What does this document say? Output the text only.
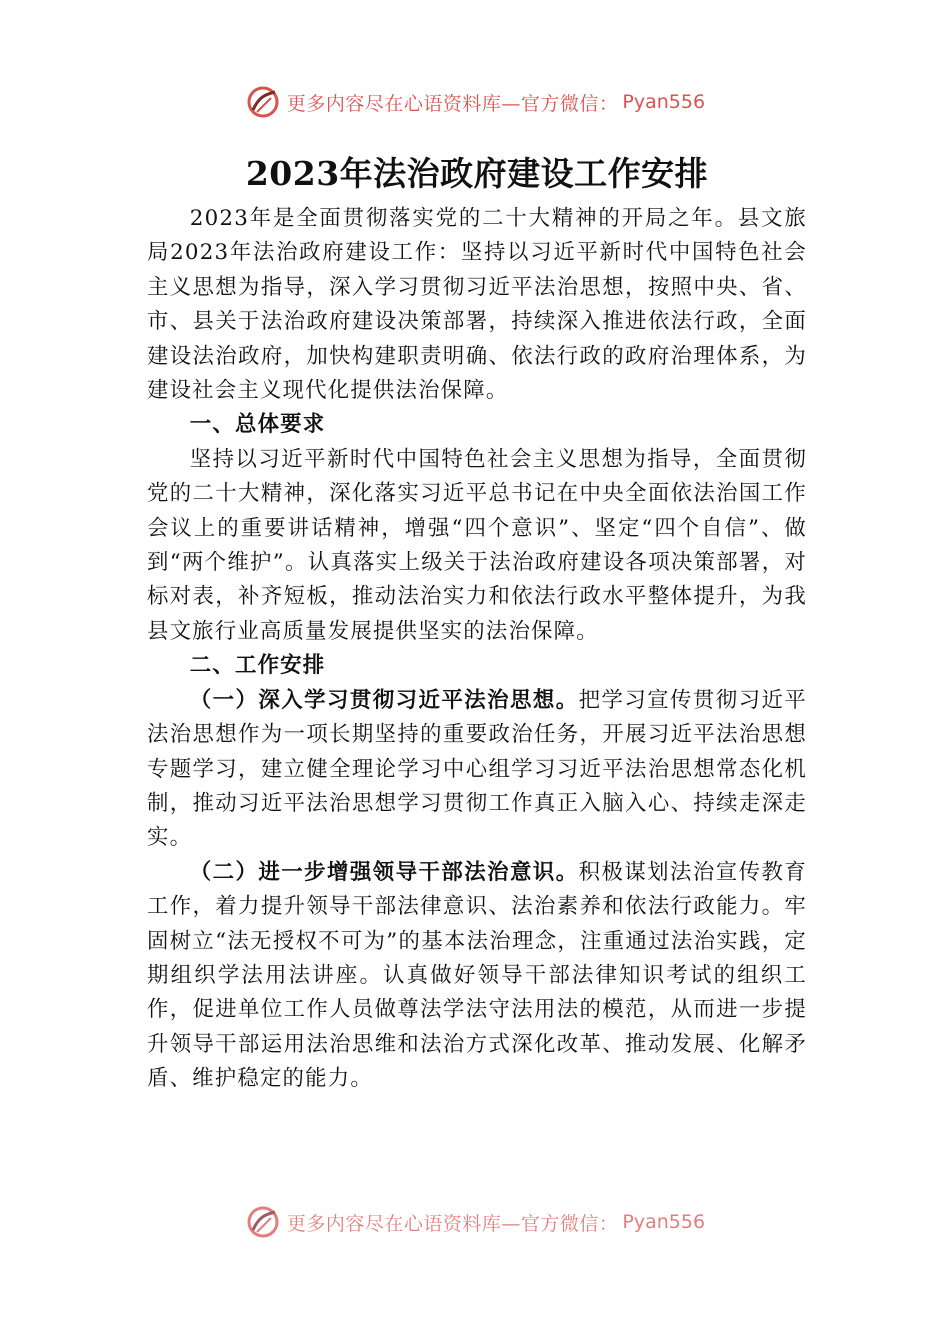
更多内容尽在心语资料库—官方微信： Pyan556
2023年法治政府建设工作安排

2023年是全面贯彻落实党的二十大精神的开局之年。县文旅局2023年法治政府建设工作：坚持以习近平新时代中国特色社会主义思想为指导，深入学习贯彻习近平法治思想，按照中央、省、市、县关于法治政府建设决策部署，持续深入推进依法行政，全面建设法治政府，加快构建职责明确、依法行政的政府治理体系，为建设社会主义现代化提供法治保障。

一、总体要求

坚持以习近平新时代中国特色社会主义思想为指导，全面贯彻党的二十大精神，深化落实习近平总书记在中央全面依法治国工作会议上的重要讲话精神，增强“四个意识”、坚定“四个自信”、做到“两个维护”。认真落实上级关于法治政府建设各项决策部署，对标对表，补齐短板，推动法治实力和依法行政水平整体提升，为我县文旅行业高质量发展提供坚实的法治保障。

二、工作安排

（一）深入学习贯彻习近平法治思想。把学习宣传贯彻习近平法治思想作为一项长期坚持的重要政治任务，开展习近平法治思想专题学习，建立健全理论学习中心组学习习近平法治思想常态化机制，推动习近平法治思想学习贯彻工作真正入脑入心、持续走深走实。

（二）进一步增强领导干部法治意识。积极谋划法治宣传教育工作，着力提升领导干部法律意识、法治素养和依法行政能力。牢固树立“法无授权不可为”的基本法治理念，注重通过法治实践，定期组织学法用法讲座。认真做好领导干部法律知识考试的组织工作，促进单位工作人员做尊法学法守法用法的模范，从而进一步提升领导干部运用法治思维和法治方式深化改革、推动发展、化解矛盾、维护稳定的能力。

更多内容尽在心语资料库—官方微信： Pyan556
